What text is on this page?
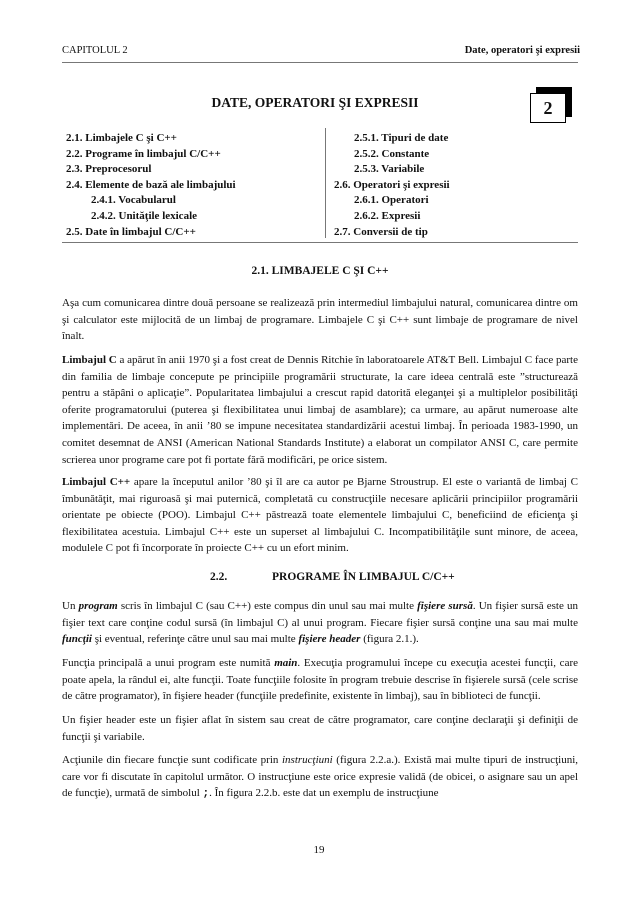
CAPITOLUL 2	Date, operatori şi expresii
DATE, OPERATORI ŞI EXPRESII	2
2.1. Limbajele C şi C++
2.2. Programe în limbajul C/C++
2.3. Preprocesorul
2.4. Elemente de bază ale limbajului
2.4.1. Vocabularul
2.4.2. Unităţile lexicale
2.5. Date în limbajul C/C++
2.5.1. Tipuri de date
2.5.2. Constante
2.5.3. Variabile
2.6. Operatori şi expresii
2.6.1. Operatori
2.6.2. Expresii
2.7. Conversii de tip
2.1. LIMBAJELE C ŞI C++
Aşa cum comunicarea dintre două persoane se realizează prin intermediul limbajului natural, comunicarea dintre om şi calculator este mijlocită de un limbaj de programare. Limbajele C şi C++ sunt limbaje de programare de nivel înalt.
Limbajul C a apărut în anii 1970 şi a fost creat de Dennis Ritchie în laboratoarele AT&T Bell. Limbajul C face parte din familia de limbaje concepute pe principiile programării structurate, la care ideea centrală este ”structurează pentru a stăpâni o aplicaţie”. Popularitatea limbajului a crescut rapid datorită eleganţei şi a multiplelor posibilităţi oferite programatorului (puterea şi flexibilitatea unui limbaj de asamblare); ca urmare, au apărut numeroase alte implementări. De aceea, în anii ’80 se impune necesitatea standardizării acestui limbaj. În perioada 1983-1990, un comitet desemnat de ANSI (American National Standards Institute) a elaborat un compilator ANSI C, care permite scrierea unor programe care pot fi portate fără modificări, pe orice sistem.
Limbajul C++ apare la începutul anilor ’80 şi îl are ca autor pe Bjarne Stroustrup. El este o variantă de limbaj C îmbunătăţit, mai riguroasă şi mai puternică, completată cu construcţiile necesare aplicării principiilor programării orientate pe obiecte (POO). Limbajul C++ păstrează toate elementele limbajului C, beneficiind de eficienţa şi flexibilitatea acestuia. Limbajul C++ este un superset al limbajului C. Incompatibilităţile sunt minore, de aceea, modulele C pot fi încorporate în proiecte C++ cu un efort minim.
2.2.	PROGRAME ÎN LIMBAJUL C/C++
Un program scris în limbajul C (sau C++) este compus din unul sau mai multe fişiere sursă. Un fişier sursă este un fişier text care conţine codul sursă (în limbajul C) al unui program. Fiecare fişier sursă conţine una sau mai multe funcţii şi eventual, referinţe către unul sau mai multe fişiere header (figura 2.1.).
Funcţia principală a unui program este numită main. Execuţia programului începe cu execuţia acestei funcţii, care poate apela, la rândul ei, alte funcţii. Toate funcţiile folosite în program trebuie descrise în fişierele sursă (cele scrise de către programator), în fişiere header (funcţiile predefinite, existente în limbaj), sau în biblioteci de funcţii.
Un fişier header este un fişier aflat în sistem sau creat de către programator, care conţine declaraţii şi definiţii de funcţii şi variabile.
Acţiunile din fiecare funcţie sunt codificate prin instrucţiuni (figura 2.2.a.). Există mai multe tipuri de instrucţiuni, care vor fi discutate în capitolul următor. O instrucţiune este orice expresie validă (de obicei, o asignare sau un apel de funcţie), urmată de simbolul ;. În figura 2.2.b. este dat un exemplu de instrucţiune
19
